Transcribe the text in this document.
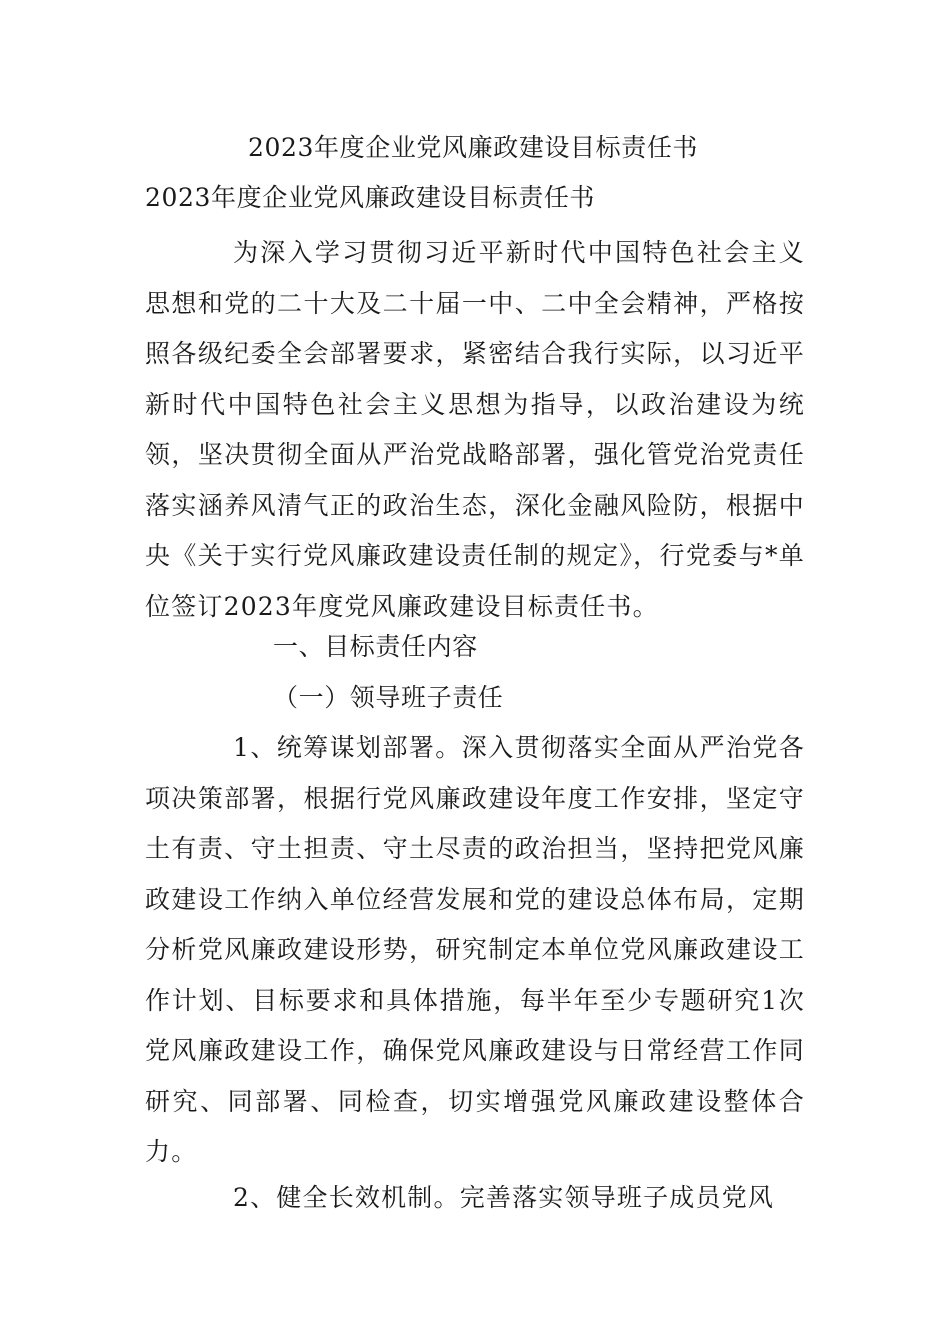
2023年度企业党风廉政建设目标责任书
2023年度企业党风廉政建设目标责任书

为深入学习贯彻习近平新时代中国特色社会主义思想和党的二十大及二十届一中、二中全会精神，严格按照各级纪委全会部署要求，紧密结合我行实际，以习近平新时代中国特色社会主义思想为指导，以政治建设为统领，坚决贯彻全面从严治党战略部署，强化管党治党责任落实涵养风清气正的政治生态，深化金融风险防，根据中央《关于实行党风廉政建设责任制的规定》，行党委与*单位签订2023年度党风廉政建设目标责任书。

一、目标责任内容
（一）领导班子责任

1、统筹谋划部署。深入贯彻落实全面从严治党各项决策部署，根据行党风廉政建设年度工作安排，坚定守土有责、守土担责、守土尽责的政治担当，坚持把党风廉政建设工作纳入单位经营发展和党的建设总体布局，定期分析党风廉政建设形势，研究制定本单位党风廉政建设工作计划、目标要求和具体措施，每半年至少专题研究1次党风廉政建设工作，确保党风廉政建设与日常经营工作同研究、同部署、同检查，切实增强党风廉政建设整体合力。

2、健全长效机制。完善落实领导班子成员党风
